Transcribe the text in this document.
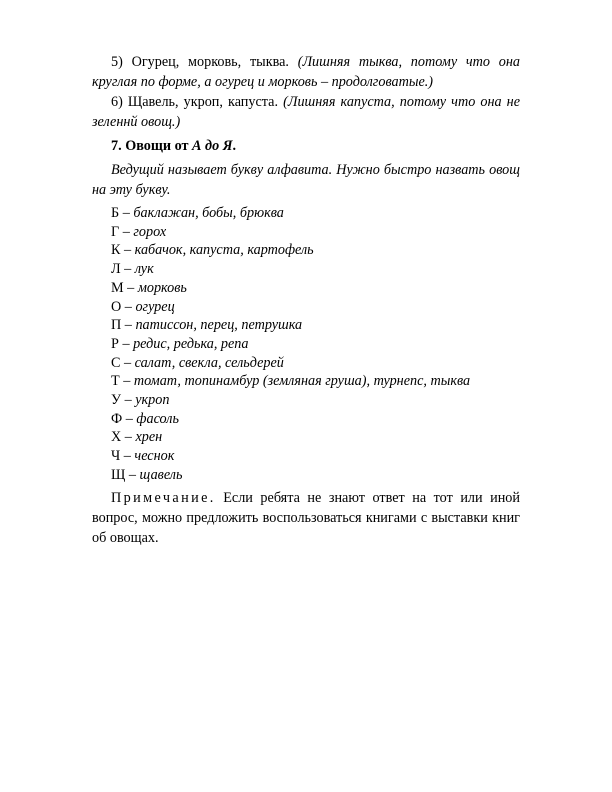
5) Огурец, морковь, тыква. (Лишняя тыква, потому что она круглая по форме, а огурец и морковь – продолговатые.)

6) Щавель, укроп, капуста. (Лишняя капуста, потому что она не зеленнй овощ.)

7. Овощи от А до Я.

Ведущий называет букву алфавита. Нужно быстро назвать овощ на эту букву.

Б – баклажан, бобы, брюква
Г – горох
К – кабачок, капуста, картофель
Л – лук
М – морковь
О – огурец
П – патиссон, перец, петрушка
Р – редис, редька, репа
С – салат, свекла, сельдерей
Т – томат, топинамбур (земляная груша), турнепс, тыква
У – укроп
Ф – фасоль
Х – хрен
Ч – чеснок
Щ – щавель

Примечание. Если ребята не знают ответ на тот или иной вопрос, можно предложить воспользоваться книгами с выставки книг об овощах.
